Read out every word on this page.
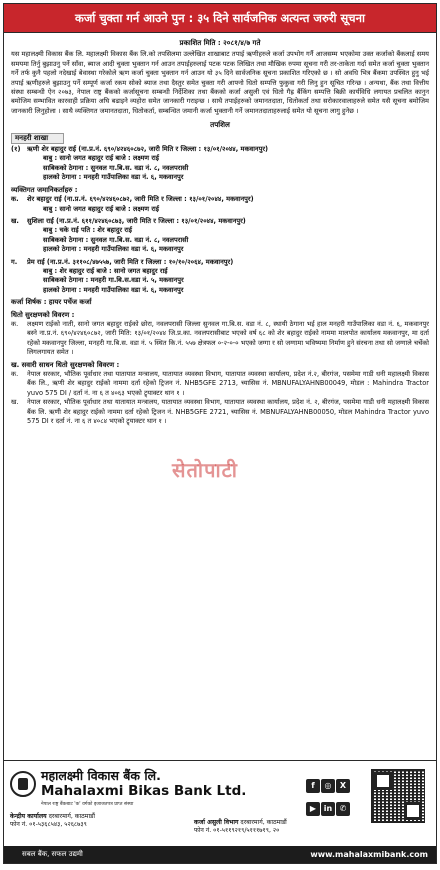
कर्जा चुक्ता गर्न आउने पुन : ३५ दिने सार्वजनिक अत्यन्त जरुरी सूचना
प्रकाशित मिति : २०८१/४/७ गते
यस महालक्ष्मी विकास बैंक लि. महालक्ष्मी विकास बैंक लि.को तपसिलमा उल्लेखित शाखाबाट तपाई ऋणीहरुले कर्जा उपभोग गर्नै आजसम्म भएकोमा उक्त कर्जाको बैंकलाई समय समयमा तिर्नु बुझाउनु पर्ने साँवा, ब्याज आदी चुक्ता भुक्तान गर्न आउन तपाईहरुलाई पटक पटक लिखित तथा मौखिक रुपमा सूचना गरी तर-ताकेता गर्दा समेत कर्जा चुक्ता भुक्तान गर्ने तर्फ कुनै पहलो नदेखाई बेवास्था गरेकोले ऋण कर्जा चुक्ता भुक्तान गर्न आउन यो ३५ दिने सार्वजनिक सूचना प्रकाशित गरिएको छ । सो अवधि भित्र बैंकमा उपस्थित हुनु भई तपाई ऋणीहरुले बुझाउनु पर्ने सम्पूर्ण कर्जा रकम सोको ब्याज तथा दैस्तुर समेत चुक्ता गरी आफ्नो धितो सम्पत्ति फुकुवा गरी लिनु हुन सूचित गरिन्छ । अन्यथा, बैंक तथा वित्तीय संस्था सम्बन्धी ऐन २०७३, नेपाल राष्ट्र बैंकको कर्जासूचना सम्बन्धी निर्देशिका तथा बैंकको कर्जा असुली एवं धितो गैह्र बैंकिंग सम्पत्ति बिक्री कार्यविधि लगायत प्रचलित कानुन बमोजिम सम्भावित कारवाही प्रक्रिया अघि बढाइने व्यहोरा समेत जानकारी गराइन्छ । साथै तपाईहरुको जमानतदाता, धितोकर्ता तथा सरोकारवालाहरुले समेत यसै सूचना बमोजिम जानकारी लिनुहोला । साथै व्यक्तिगत जमानतदाता, धितोकर्ता, सम्बन्धित जमानी कर्जा भुक्तानी गर्ने जमानतदाताहरुलाई समेत यो सूचना लागु हुनेछ ।
तपशिल
मनहरी शाखा
(१) ऋणी शेर बहादुर राई (ना.प्र.नं. ६९०/४२४६०८७२, जारी मिति र जिल्ला : १३/०१/२०४४, मकवानपुर)
बाबु : सानो जगत बहादुर राई बाजे : लक्ष्मण राई
साबिकको ठेगाना : सुनवल गा.बि.स. वडा नं. ८, नवलपरासी
हालको ठेगाना : मनहरी गाउँपालिका वडा नं. ६, मकवानपुर
व्यक्तिगत जमानिकर्ताहरु :
क.	शेर बहादुर राई (ना.प्र.नं. ६९०/४२४६०८७२, जारी मिति र जिल्ला : १३/०१/२०४४, मकवानपुर)
बाबु : सानो जगत बहादुर राई बाजे : लक्ष्मण राई
ख.	सुशिला राई (ना.प्र.नं. ६११/४२४६०८७३, जारी मिति र जिल्ला : १३/०१/२०४४, मकवानपुर)
बाबु : चके राई पति : शेर बहादुर राई
साबिकको ठेगाना : सुनवल गा.बि.स. वडा नं. ८, नवलपरासी
हालको ठेगाना : मनहरी गाउँपालिका वडा नं. ६, मकवानपुर
ग.	प्रेम राई (ना.प्र.नं. ३११०८/४७५५७, जारी मिति र जिल्ला : १०/१०/२०६४, मकवानपुर)
बाबु : शेर बहादुर राई बाजे : सानो जगत बहादुर राई
साबिकको ठेगाना : मनहरी गा.बि.स.वडा नं. ५, मकवानपुर
हालको ठेगाना : मनहरी गाउँपालिका वडा नं. ६, मकवानपुर
कर्जा शिर्षक : हायर पर्चेज कर्जा
धितो सुरक्षणको विवरण :
क.	लक्ष्मण राईको नाती, सानो जगत बहादुर राईको छोरा, नवलपरासी जिल्ला सुनवल गा.बि.स. वडा नं. ८, स्थायी ठेगाना भई हाल मनहरी गाउँपालिका वडा नं. ६, मकवानपुर बस्ने ना.प्र.नं. ६९०/४२४६०८७२, जारी मिति: १३/०१/२०४४ जि.प्र.का. नवलपरासीबाट भएको वर्ष ६८ को शेर बहादुर राईको नाममा मालपोत कार्यालय मकवानपुर, मा दर्ता रहेको मकवानपुर जिल्ला, मनहरी गा.बि.स. वडा नं. ५ स्थित कि.नं. ५५७ क्षेत्रफल ०-२-०-० भएको जग्गा र सो जग्गामा भविष्यमा निर्माण हुने संरचना तथा सो जग्गाले चर्चेको लिगलगायत समेत ।
ख. सवारी साधन धितो सुरक्षणको विवरण :
क.	नेपाल सरकार, भौतिक पूर्वाधार तथा यातायात मन्त्रालय, यातायात व्यवस्था विभाग, यातायात व्यवस्था कार्यालय, प्रदेश नं.२, बीरगंज, पसमेमा गाडी धनी महालक्ष्मी विकास बैंक लि., ऋणी शेर बहादुर राईको नाममा दर्ता रहेको ट्रिजन नं. NHB5GFE 2713, च्यासिस नं. MBNUFALYAHNB00049, मोडल : Mahindra Tractor yuvo 575 DI / दर्ता नं. ना ६ त ४०६३ भएको ट्र्याक्टर थान १ ।
ख.	नेपाल सरकार, भौतिक पूर्वाधार तथा यातायात मन्त्रालय, यातायात व्यवस्था विभाग, यातायात व्यवस्था कार्यालय, प्रदेश नं. २, बीरगंज, पसमेमा गाडी धनी महालक्ष्मी विकास बैंक लि. ऋणी शेर बहादुर राईको नाममा दर्ता रहेको ट्रिजन नं. NHB5GFE 2721, च्यासिस नं. MBNUFALYAHNB00050, मोडल Mahindra Tractor yuvo 575 DI र दर्ता नं. ना ६ त ४०८४ भएको ट्र्याक्टर थान १ ।
सेतोपाटी
महालक्ष्मी विकास बैंक लि.
Mahalaxmi Bikas Bank Ltd.
नेपाल राष्ट्र बैंकबाट 'क' वर्गको इजाजतपत्र प्राप्त संस्था
केन्द्रीय कार्यालय दरबारमार्ग, काठमाडौं
फोन नं. ०१-५३६८५४३, ५२६८७३९	कर्जा असुली विभाग दरबारमार्ग, काठमाडौं
फोन नं. ०१-५११९२१९/५१११७१९, २०
f ◎ X
▶ in ✆
सबल बैंक, सफल उद्यमी	www.mahalaxmibank.com
